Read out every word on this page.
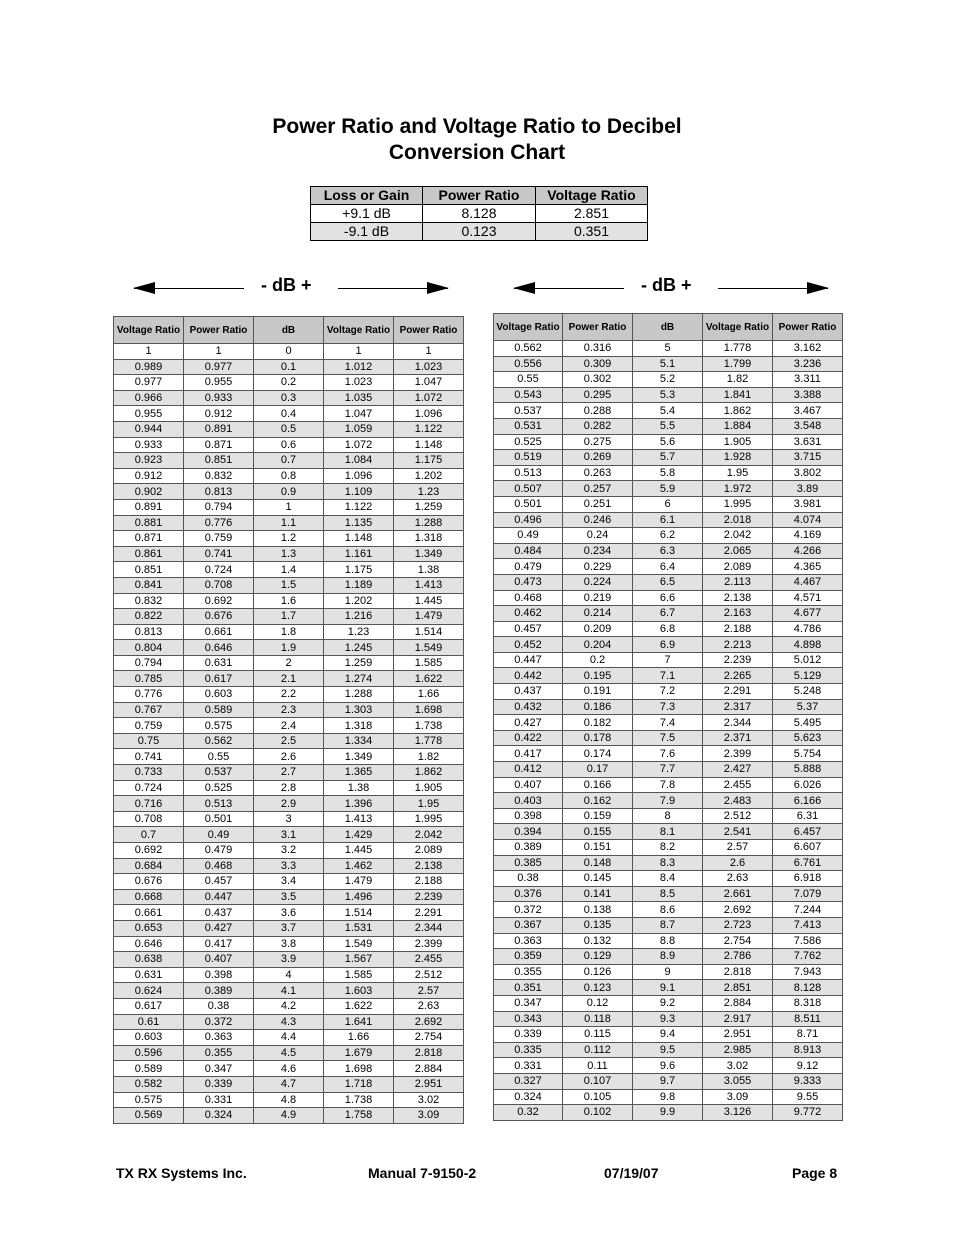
Power Ratio and Voltage Ratio to Decibel
Conversion Chart
Loss or Gain	Power Ratio	Voltage Ratio
+9.1 dB	8.128	2.851
-9.1 dB	0.123	0.351
- dB +	- dB +
Voltage Ratio	Power Ratio	dB	Voltage Ratio	Power Ratio
1	1	0	1	1
0.989	0.977	0.1	1.012	1.023
0.977	0.955	0.2	1.023	1.047
0.966	0.933	0.3	1.035	1.072
0.955	0.912	0.4	1.047	1.096
0.944	0.891	0.5	1.059	1.122
0.933	0.871	0.6	1.072	1.148
0.923	0.851	0.7	1.084	1.175
0.912	0.832	0.8	1.096	1.202
0.902	0.813	0.9	1.109	1.23
0.891	0.794	1	1.122	1.259
0.881	0.776	1.1	1.135	1.288
0.871	0.759	1.2	1.148	1.318
0.861	0.741	1.3	1.161	1.349
0.851	0.724	1.4	1.175	1.38
0.841	0.708	1.5	1.189	1.413
0.832	0.692	1.6	1.202	1.445
0.822	0.676	1.7	1.216	1.479
0.813	0.661	1.8	1.23	1.514
0.804	0.646	1.9	1.245	1.549
0.794	0.631	2	1.259	1.585
0.785	0.617	2.1	1.274	1.622
0.776	0.603	2.2	1.288	1.66
0.767	0.589	2.3	1.303	1.698
0.759	0.575	2.4	1.318	1.738
0.75	0.562	2.5	1.334	1.778
0.741	0.55	2.6	1.349	1.82
0.733	0.537	2.7	1.365	1.862
0.724	0.525	2.8	1.38	1.905
0.716	0.513	2.9	1.396	1.95
0.708	0.501	3	1.413	1.995
0.7	0.49	3.1	1.429	2.042
0.692	0.479	3.2	1.445	2.089
0.684	0.468	3.3	1.462	2.138
0.676	0.457	3.4	1.479	2.188
0.668	0.447	3.5	1.496	2.239
0.661	0.437	3.6	1.514	2.291
0.653	0.427	3.7	1.531	2.344
0.646	0.417	3.8	1.549	2.399
0.638	0.407	3.9	1.567	2.455
0.631	0.398	4	1.585	2.512
0.624	0.389	4.1	1.603	2.57
0.617	0.38	4.2	1.622	2.63
0.61	0.372	4.3	1.641	2.692
0.603	0.363	4.4	1.66	2.754
0.596	0.355	4.5	1.679	2.818
0.589	0.347	4.6	1.698	2.884
0.582	0.339	4.7	1.718	2.951
0.575	0.331	4.8	1.738	3.02
0.569	0.324	4.9	1.758	3.09
Voltage Ratio	Power Ratio	dB	Voltage Ratio	Power Ratio
0.562	0.316	5	1.778	3.162
0.556	0.309	5.1	1.799	3.236
0.55	0.302	5.2	1.82	3.311
0.543	0.295	5.3	1.841	3.388
0.537	0.288	5.4	1.862	3.467
0.531	0.282	5.5	1.884	3.548
0.525	0.275	5.6	1.905	3.631
0.519	0.269	5.7	1.928	3.715
0.513	0.263	5.8	1.95	3.802
0.507	0.257	5.9	1.972	3.89
0.501	0.251	6	1.995	3.981
0.496	0.246	6.1	2.018	4.074
0.49	0.24	6.2	2.042	4.169
0.484	0.234	6.3	2.065	4.266
0.479	0.229	6.4	2.089	4.365
0.473	0.224	6.5	2.113	4.467
0.468	0.219	6.6	2.138	4.571
0.462	0.214	6.7	2.163	4.677
0.457	0.209	6.8	2.188	4.786
0.452	0.204	6.9	2.213	4.898
0.447	0.2	7	2.239	5.012
0.442	0.195	7.1	2.265	5.129
0.437	0.191	7.2	2.291	5.248
0.432	0.186	7.3	2.317	5.37
0.427	0.182	7.4	2.344	5.495
0.422	0.178	7.5	2.371	5.623
0.417	0.174	7.6	2.399	5.754
0.412	0.17	7.7	2.427	5.888
0.407	0.166	7.8	2.455	6.026
0.403	0.162	7.9	2.483	6.166
0.398	0.159	8	2.512	6.31
0.394	0.155	8.1	2.541	6.457
0.389	0.151	8.2	2.57	6.607
0.385	0.148	8.3	2.6	6.761
0.38	0.145	8.4	2.63	6.918
0.376	0.141	8.5	2.661	7.079
0.372	0.138	8.6	2.692	7.244
0.367	0.135	8.7	2.723	7.413
0.363	0.132	8.8	2.754	7.586
0.359	0.129	8.9	2.786	7.762
0.355	0.126	9	2.818	7.943
0.351	0.123	9.1	2.851	8.128
0.347	0.12	9.2	2.884	8.318
0.343	0.118	9.3	2.917	8.511
0.339	0.115	9.4	2.951	8.71
0.335	0.112	9.5	2.985	8.913
0.331	0.11	9.6	3.02	9.12
0.327	0.107	9.7	3.055	9.333
0.324	0.105	9.8	3.09	9.55
0.32	0.102	9.9	3.126	9.772
TX RX Systems Inc.	Manual 7-9150-2	07/19/07	Page 8
